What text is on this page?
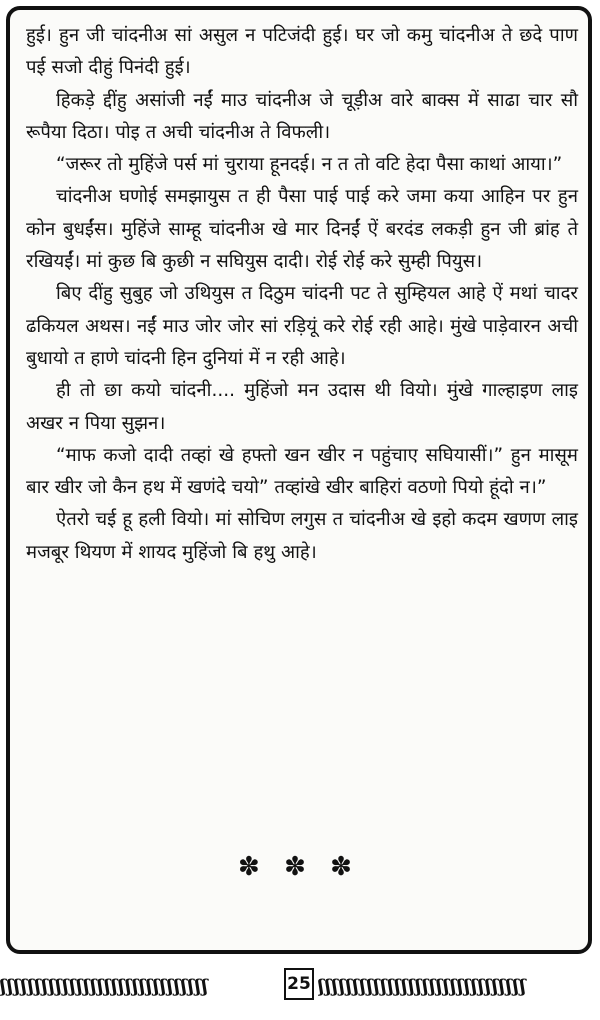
हुई। हुन जी चांदनीअ सां असुल न पटिजंदी हुई। घर जो कमु चांदनीअ ते छदे पाण पई सजो दीहुं पिनंदी हुई।

हिकड़े द्दींहु असांजी नईं माउ चांदनीअ जे चूड़ीअ वारे बाक्स में साढा चार सौ रूपैया दिठा। पोइ त अची चांदनीअ ते विफली।

“जरूर तो मुहिंजे पर्स मां चुराया हूनदई। न त तो वटि हेदा पैसा काथां आया।”

चांदनीअ घणोई समझायुस त ही पैसा पाई पाई करे जमा कया आहिन पर हुन कोन बुधईंस। मुहिंजे साम्हू चांदनीअ खे मार दिनईं ऐं बरदंड लकड़ी हुन जी ब्रांह ते रखियईं। मां कुछ बि कुछी न सघियुस दादी। रोई रोई करे सुम्ही पियुस।

बिए दींहु सुबुह जो उथियुस त दिठुम चांदनी पट ते सुम्हियल आहे ऐं मथां चादर ढकियल अथस। नईं माउ जोर जोर सां रड़ियूं करे रोई रही आहे। मुंखे पाड़ेवारन अची बुधायो त हाणे चांदनी हिन दुनियां में न रही आहे।

ही तो छा कयो चांदनी.... मुहिंजो मन उदास थी वियो। मुंखे गाल्हाइण लाइ अखर न पिया सुझन।

“माफ कजो दादी तव्हां खे हफ्तो खन खीर न पहुंचाए सघियासीं।” हुन मासूम बार खीर जो कैन हथ में खणंदे चयो” तव्हांखे खीर बाहिरां वठणो पियो हूंदो न।”

ऐतरो चई हू हली वियो। मां सोचिण लगुस त चांदनीअ खे इहो कदम खणण लाइ मजबूर थियण में शायद मुहिंजो बि हथु आहे।

✽ ✽ ✽
ʃʃʃʃʃʃʃʃʃʃʃʃʃʃʃʃʃʃʃʃʃʃʃʃʃʃʃʃʃʃ	25 ʃʃʃʃʃʃʃʃʃʃʃʃʃʃʃʃʃʃʃʃʃʃʃʃʃʃʃʃʃʃ
